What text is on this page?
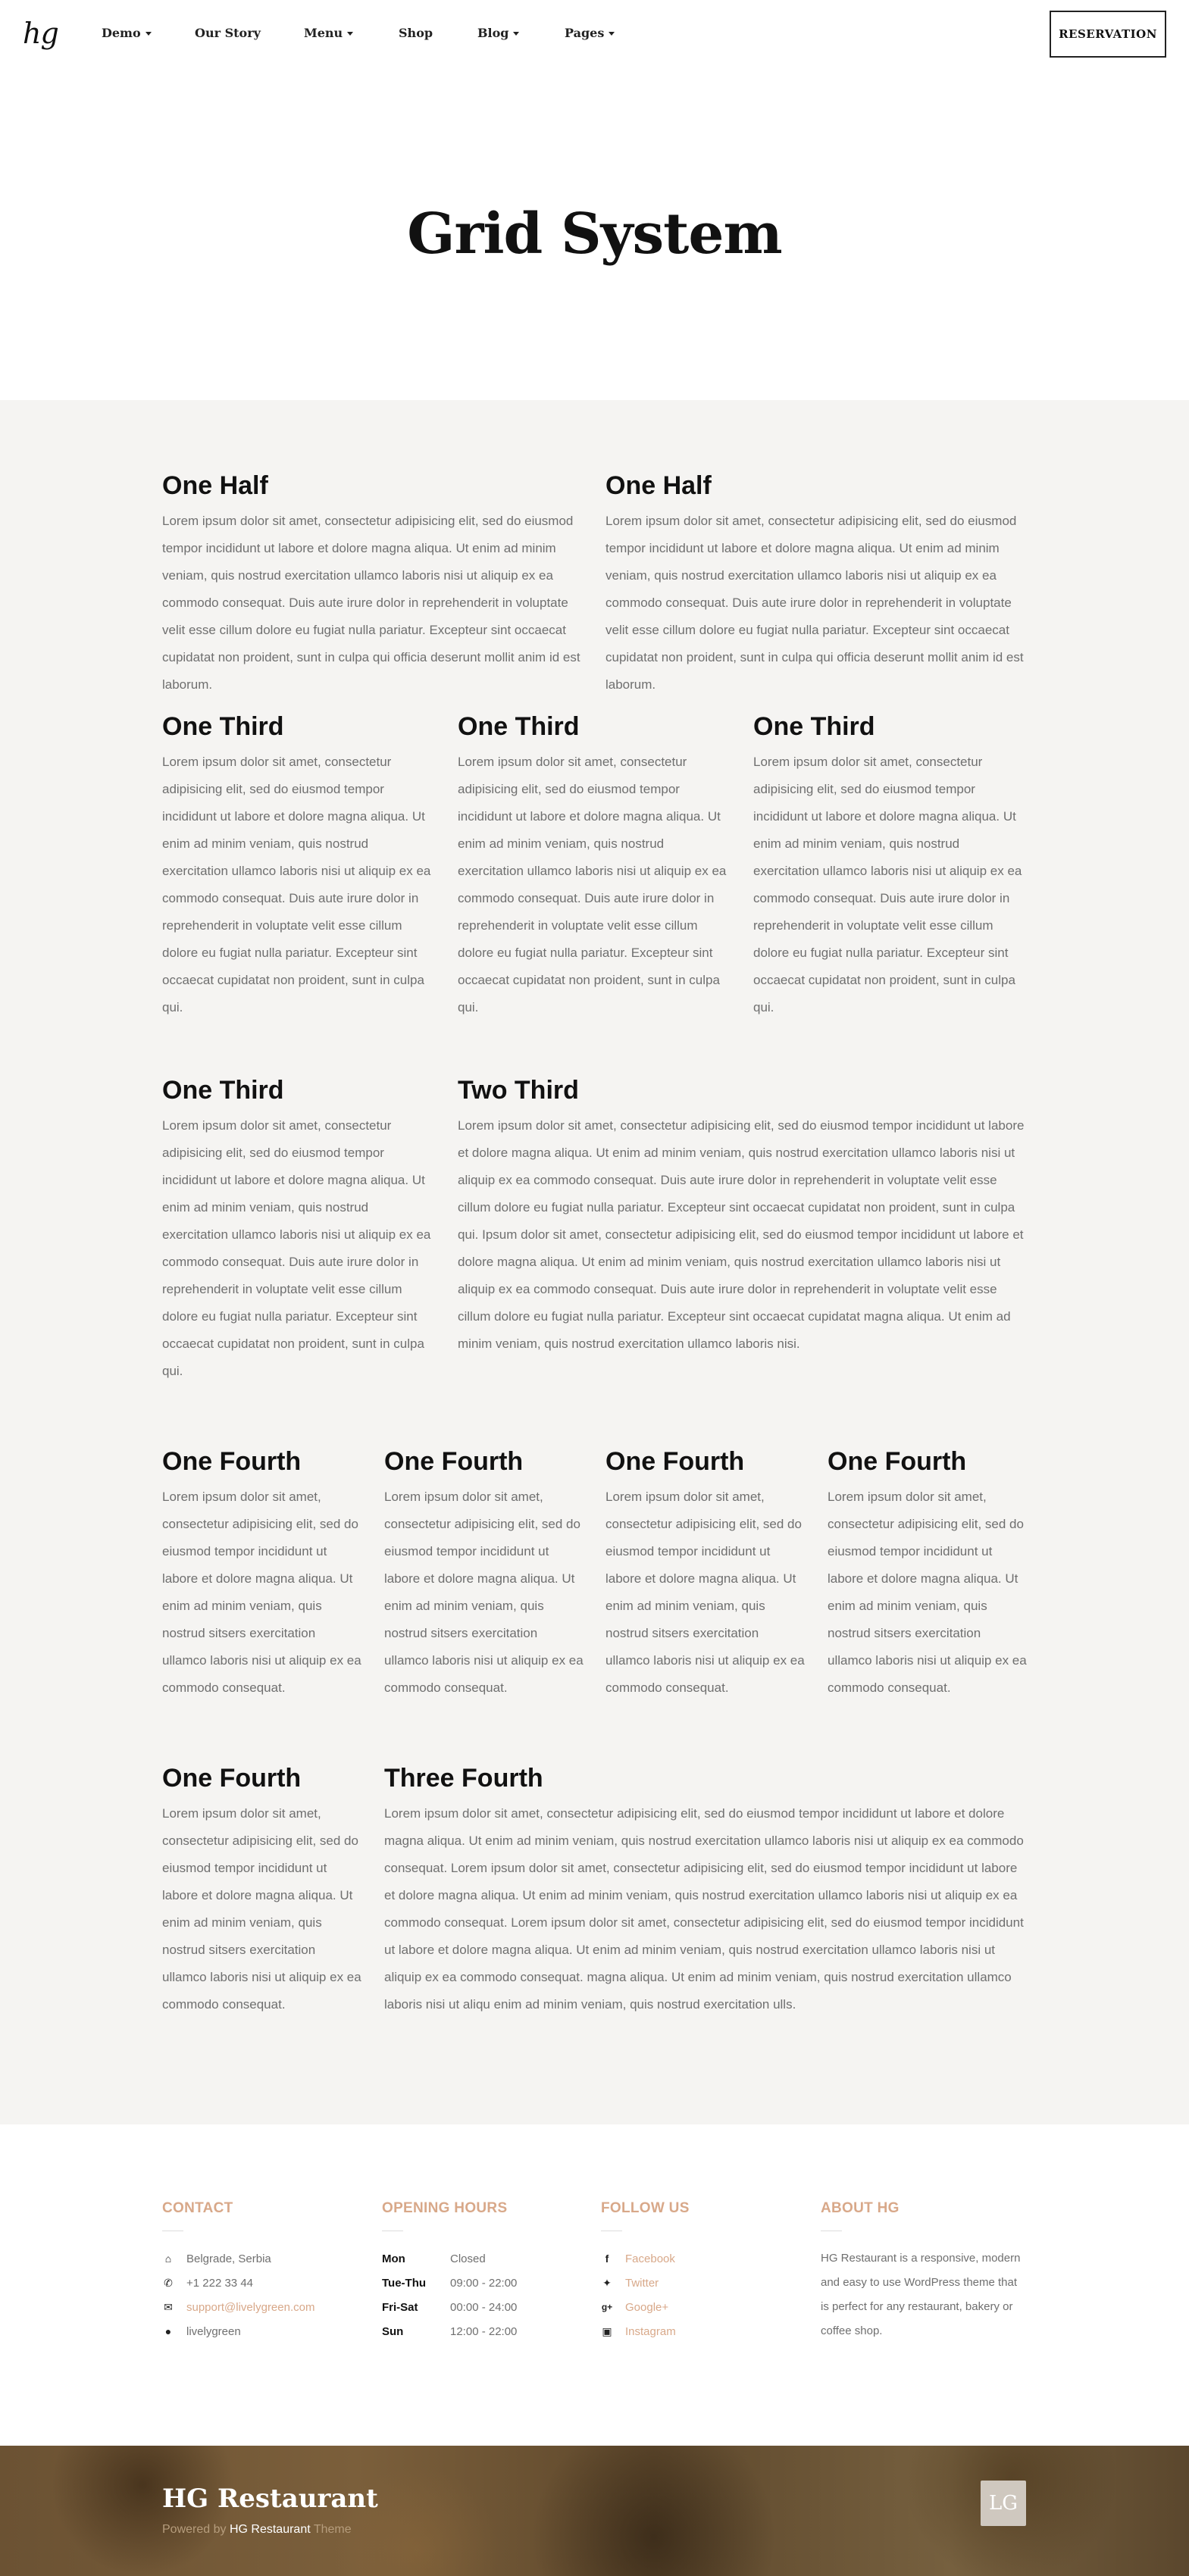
hg	Demo	Our Story	Menu	Shop	Blog	Pages	RESERVATION
Grid System
One Half

Lorem ipsum dolor sit amet, consectetur adipisicing elit, sed do eiusmod tempor incididunt ut labore et dolore magna aliqua. Ut enim ad minim veniam, quis nostrud exercitation ullamco laboris nisi ut aliquip ex ea commodo consequat. Duis aute irure dolor in reprehenderit in voluptate velit esse cillum dolore eu fugiat nulla pariatur. Excepteur sint occaecat cupidatat non proident, sunt in culpa qui officia deserunt mollit anim id est laborum.

One Half

Lorem ipsum dolor sit amet, consectetur adipisicing elit, sed do eiusmod tempor incididunt ut labore et dolore magna aliqua. Ut enim ad minim veniam, quis nostrud exercitation ullamco laboris nisi ut aliquip ex ea commodo consequat. Duis aute irure dolor in reprehenderit in voluptate velit esse cillum dolore eu fugiat nulla pariatur. Excepteur sint occaecat cupidatat non proident, sunt in culpa qui officia deserunt mollit anim id est laborum.

One Third

Lorem ipsum dolor sit amet, consectetur adipisicing elit, sed do eiusmod tempor incididunt ut labore et dolore magna aliqua. Ut enim ad minim veniam, quis nostrud exercitation ullamco laboris nisi ut aliquip ex ea commodo consequat. Duis aute irure dolor in reprehenderit in voluptate velit esse cillum dolore eu fugiat nulla pariatur. Excepteur sint occaecat cupidatat non proident, sunt in culpa qui.

One Third

Lorem ipsum dolor sit amet, consectetur adipisicing elit, sed do eiusmod tempor incididunt ut labore et dolore magna aliqua. Ut enim ad minim veniam, quis nostrud exercitation ullamco laboris nisi ut aliquip ex ea commodo consequat. Duis aute irure dolor in reprehenderit in voluptate velit esse cillum dolore eu fugiat nulla pariatur. Excepteur sint occaecat cupidatat non proident, sunt in culpa qui.

One Third

Lorem ipsum dolor sit amet, consectetur adipisicing elit, sed do eiusmod tempor incididunt ut labore et dolore magna aliqua. Ut enim ad minim veniam, quis nostrud exercitation ullamco laboris nisi ut aliquip ex ea commodo consequat. Duis aute irure dolor in reprehenderit in voluptate velit esse cillum dolore eu fugiat nulla pariatur. Excepteur sint occaecat cupidatat non proident, sunt in culpa qui.

One Third

Lorem ipsum dolor sit amet, consectetur adipisicing elit, sed do eiusmod tempor incididunt ut labore et dolore magna aliqua. Ut enim ad minim veniam, quis nostrud exercitation ullamco laboris nisi ut aliquip ex ea commodo consequat. Duis aute irure dolor in reprehenderit in voluptate velit esse cillum dolore eu fugiat nulla pariatur. Excepteur sint occaecat cupidatat non proident, sunt in culpa qui.

Two Third

Lorem ipsum dolor sit amet, consectetur adipisicing elit, sed do eiusmod tempor incididunt ut labore et dolore magna aliqua. Ut enim ad minim veniam, quis nostrud exercitation ullamco laboris nisi ut aliquip ex ea commodo consequat. Duis aute irure dolor in reprehenderit in voluptate velit esse cillum dolore eu fugiat nulla pariatur. Excepteur sint occaecat cupidatat non proident, sunt in culpa qui. Ipsum dolor sit amet, consectetur adipisicing elit, sed do eiusmod tempor incididunt ut labore et dolore magna aliqua. Ut enim ad minim veniam, quis nostrud exercitation ullamco laboris nisi ut aliquip ex ea commodo consequat. Duis aute irure dolor in reprehenderit in voluptate velit esse cillum dolore eu fugiat nulla pariatur. Excepteur sint occaecat cupidatat magna aliqua. Ut enim ad minim veniam, quis nostrud exercitation ullamco laboris nisi.

One Fourth

Lorem ipsum dolor sit amet, consectetur adipisicing elit, sed do eiusmod tempor incididunt ut labore et dolore magna aliqua. Ut enim ad minim veniam, quis nostrud sitsers exercitation ullamco laboris nisi ut aliquip ex ea commodo consequat.

One Fourth

Lorem ipsum dolor sit amet, consectetur adipisicing elit, sed do eiusmod tempor incididunt ut labore et dolore magna aliqua. Ut enim ad minim veniam, quis nostrud sitsers exercitation ullamco laboris nisi ut aliquip ex ea commodo consequat.

One Fourth

Lorem ipsum dolor sit amet, consectetur adipisicing elit, sed do eiusmod tempor incididunt ut labore et dolore magna aliqua. Ut enim ad minim veniam, quis nostrud sitsers exercitation ullamco laboris nisi ut aliquip ex ea commodo consequat.

One Fourth

Lorem ipsum dolor sit amet, consectetur adipisicing elit, sed do eiusmod tempor incididunt ut labore et dolore magna aliqua. Ut enim ad minim veniam, quis nostrud sitsers exercitation ullamco laboris nisi ut aliquip ex ea commodo consequat.

One Fourth

Lorem ipsum dolor sit amet, consectetur adipisicing elit, sed do eiusmod tempor incididunt ut labore et dolore magna aliqua. Ut enim ad minim veniam, quis nostrud sitsers exercitation ullamco laboris nisi ut aliquip ex ea commodo consequat.

Three Fourth

Lorem ipsum dolor sit amet, consectetur adipisicing elit, sed do eiusmod tempor incididunt ut labore et dolore magna aliqua. Ut enim ad minim veniam, quis nostrud exercitation ullamco laboris nisi ut aliquip ex ea commodo consequat. Lorem ipsum dolor sit amet, consectetur adipisicing elit, sed do eiusmod tempor incididunt ut labore et dolore magna aliqua. Ut enim ad minim veniam, quis nostrud exercitation ullamco laboris nisi ut aliquip ex ea commodo consequat. Lorem ipsum dolor sit amet, consectetur adipisicing elit, sed do eiusmod tempor incididunt ut labore et dolore magna aliqua. Ut enim ad minim veniam, quis nostrud exercitation ullamco laboris nisi ut aliquip ex ea commodo consequat. magna aliqua. Ut enim ad minim veniam, quis nostrud exercitation ullamco laboris nisi ut aliqu enim ad minim veniam, quis nostrud exercitation ulls.

CONTACT
⌂ Belgrade, Serbia
✆ +1 222 33 44
✉ support@livelygreen.com
● livelygreen
OPENING HOURS
Mon	Closed
Tue-Thu	09:00 - 22:00
Fri-Sat	00:00 - 24:00
Sun	12:00 - 22:00
FOLLOW US
f	Facebook
✦ Twitter
g+ Google+
▣ Instagram
ABOUT HG

HG Restaurant is a responsive, modern and easy to use WordPress theme that is perfect for any restaurant, bakery or coffee shop.

HG Restaurant
Powered by HG Restaurant Theme
LG
